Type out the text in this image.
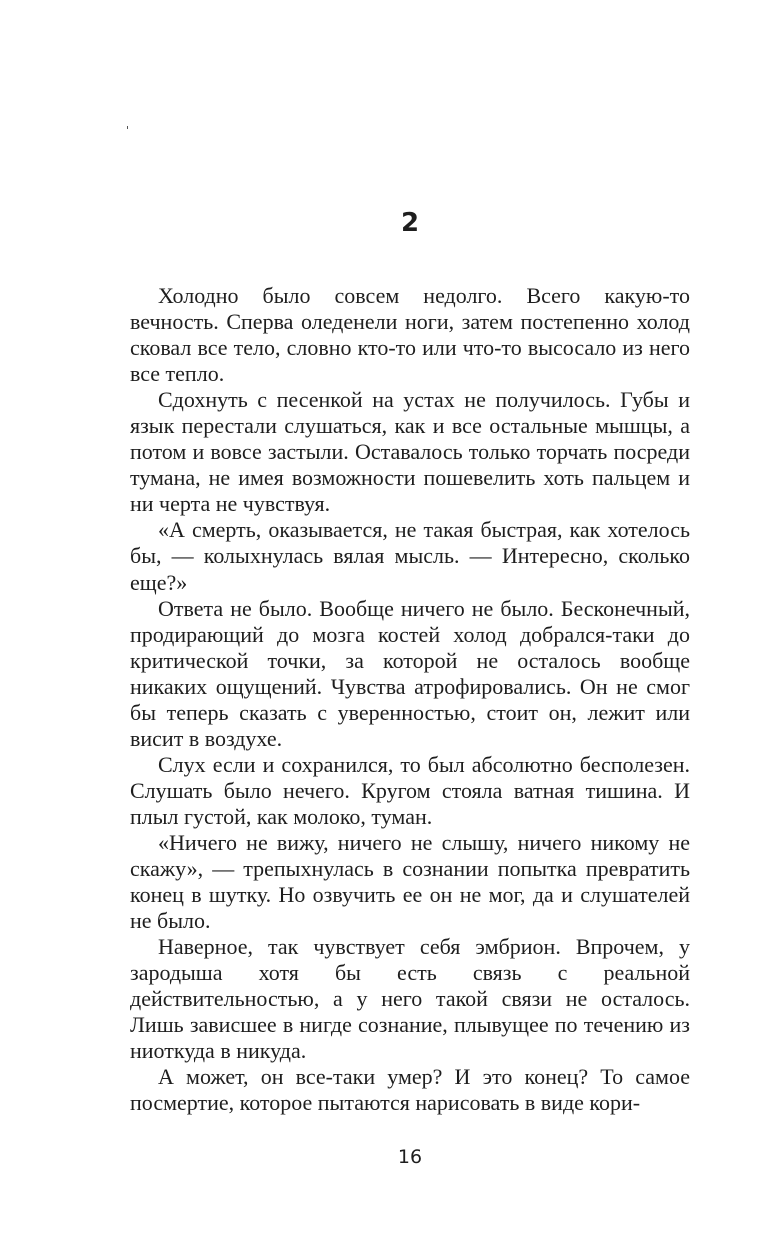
2

Холодно было совсем недолго. Всего какую-то вечность. Сперва оледенели ноги, затем постепенно холод сковал все тело, словно кто-то или что-то высосало из него все тепло.

Сдохнуть с песенкой на устах не получилось. Губы и язык перестали слушаться, как и все остальные мышцы, а потом и вовсе застыли. Оставалось только торчать посреди тумана, не имея возможности пошевелить хоть пальцем и ни черта не чувствуя.

«А смерть, оказывается, не такая быстрая, как хотелось бы, — колыхнулась вялая мысль. — Интересно, сколько еще?»

Ответа не было. Вообще ничего не было. Бесконечный, продирающий до мозга костей холод добрался-таки до критической точки, за которой не осталось вообще никаких ощущений. Чувства атрофировались. Он не смог бы теперь сказать с уверенностью, стоит он, лежит или висит в воздухе.

Слух если и сохранился, то был абсолютно бесполезен. Слушать было нечего. Кругом стояла ватная тишина. И плыл густой, как молоко, туман.

«Ничего не вижу, ничего не слышу, ничего никому не скажу», — трепыхнулась в сознании попытка превратить конец в шутку. Но озвучить ее он не мог, да и слушателей не было.

Наверное, так чувствует себя эмбрион. Впрочем, у зародыша хотя бы есть связь с реальной действительностью, а у него такой связи не осталось. Лишь зависшее в нигде сознание, плывущее по течению из ниоткуда в никуда.

А может, он все-таки умер? И это конец? То самое посмертие, которое пытаются нарисовать в виде кори-

16
